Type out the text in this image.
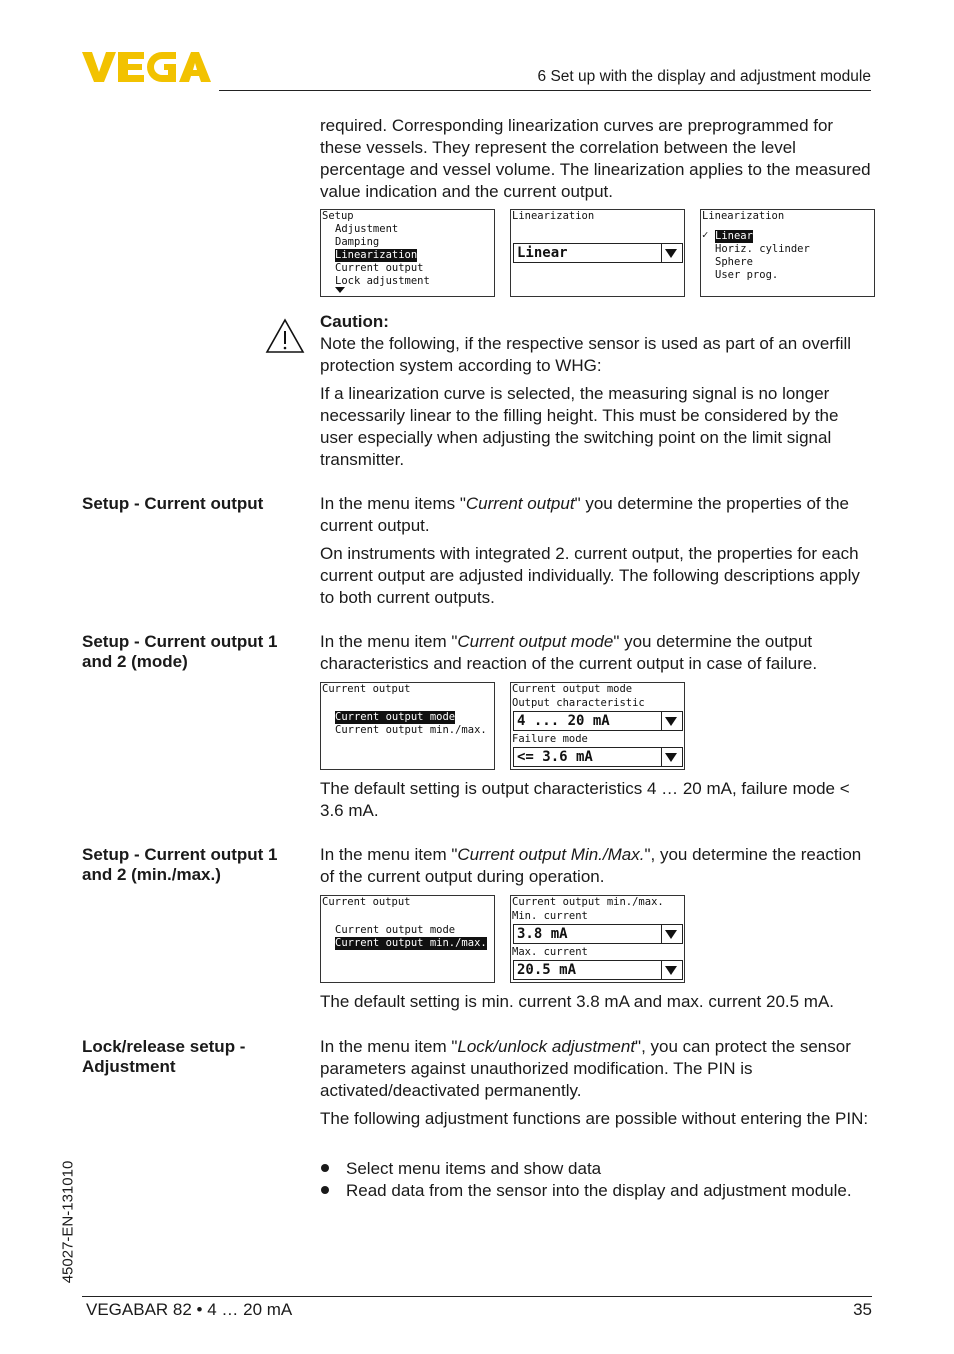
6 Set up with the display and adjustment module
required. Corresponding linearization curves are preprogrammed for these vessels. They represent the correlation between the level percentage and vessel volume. The linearization applies to the measured value indication and the current output.
Setup
Adjustment
Damping
Linearization
Current output
Lock adjustment
Linearization
Linear
Linearization
✓ Linear
Horiz. cylinder
Sphere
User prog.
Caution:
Note the following, if the respective sensor is used as part of an overfill protection system according to WHG:
If a linearization curve is selected, the measuring signal is no longer necessarily linear to the filling height. This must be considered by the user especially when adjusting the switching point on the limit signal transmitter.
Setup - Current output	In the menu items "Current output" you determine the properties of the current output.
On instruments with integrated 2. current output, the properties for each current output are adjusted individually. The following descriptions apply to both current outputs.
Setup - Current output 1 and 2 (mode)
In the menu item "Current output mode" you determine the output characteristics and reaction of the current output in case of failure.
Current output
Current output mode
Current output min./max.
Current output mode
Output characteristic
4 ... 20 mA
Failure mode
<= 3.6 mA
The default setting is output characteristics 4 … 20 mA, failure mode < 3.6 mA.
Setup - Current output 1 and 2 (min./max.)
In the menu item "Current output Min./Max.", you determine the reaction of the current output during operation.
Current output
Current output mode
Current output min./max.
Current output min./max.
Min. current
3.8 mA
Max. current
20.5 mA
The default setting is min. current 3.8 mA and max. current 20.5 mA.
Lock/release setup - Adjustment
In the menu item "Lock/unlock adjustment", you can protect the sensor parameters against unauthorized modification. The PIN is activated/deactivated permanently.
The following adjustment functions are possible without entering the PIN:
Select menu items and show data
Read data from the sensor into the display and adjustment module.
45027-EN-131010
VEGABAR 82 • 4 … 20 mA	35
